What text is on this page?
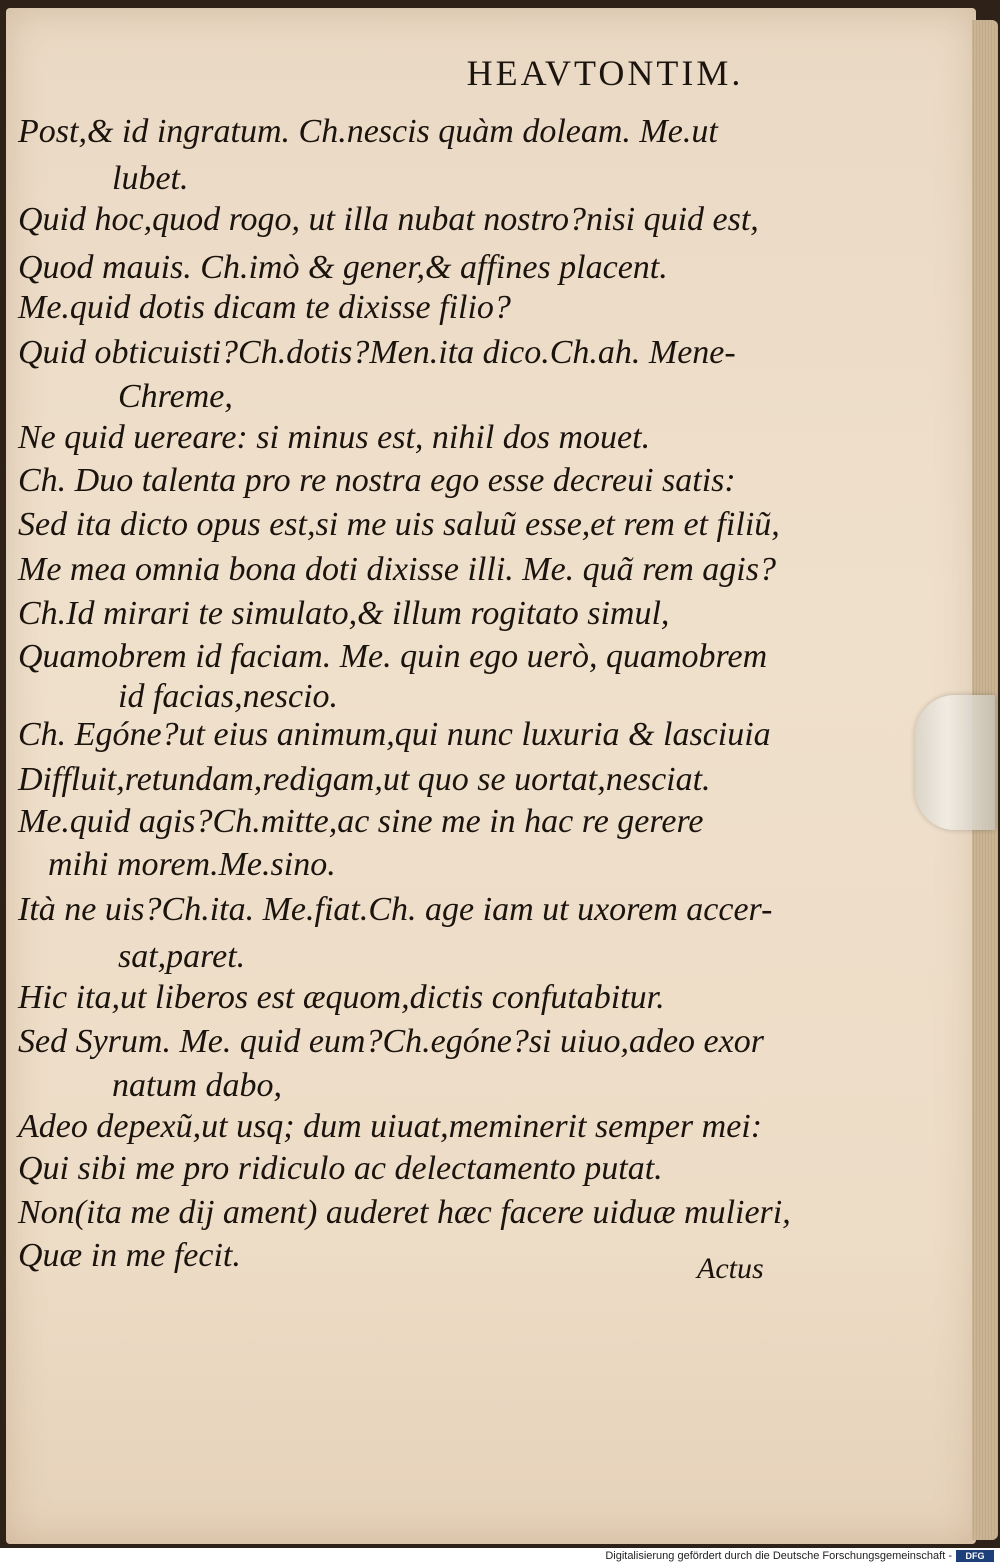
HEAVTONTIM.
Post,& id ingratum. Ch.nescis quàm doleam. Me.ut
lubet.
Quid hoc,quod rogo, ut illa nubat nostro?nisi quid est,
Quod mauis. Ch.imò & gener,& affines placent.
Me.quid dotis dicam te dixisse filio?
Quid obticuisti?Ch.dotis?Men.ita dico.Ch.ah. Mene-
Chreme,
Ne quid uereare: si minus est, nihil dos mouet.
Ch. Duo talenta pro re nostra ego esse decreui satis:
Sed ita dicto opus est,si me uis saluũ esse,et rem et filiũ,
Me mea omnia bona doti dixisse illi. Me. quã rem agis?
Ch.Id mirari te simulato,& illum rogitato simul,
Quamobrem id faciam. Me. quin ego uerò, quamobrem
id facias,nescio.
Ch. Egóne?ut eius animum,qui nunc luxuria & lasciuia
Diffluit,retundam,redigam,ut quo se uortat,nesciat.
Me.quid agis?Ch.mitte,ac sine me in hac re gerere
mihi morem.Me.sino.
Ità ne uis?Ch.ita. Me.fiat.Ch. age iam ut uxorem accer-
sat,paret.
Hic ita,ut liberos est æquom,dictis confutabitur.
Sed Syrum. Me. quid eum?Ch.egóne?si uiuo,adeo exor
natum dabo,
Adeo depexũ,ut usq; dum uiuat,meminerit semper mei:
Qui sibi me pro ridiculo ac delectamento putat.
Non(ita me dij ament) auderet hæc facere uiduæ mulieri,
Quæ in me fecit.	Actus
Digitalisierung gefördert durch die Deutsche Forschungsgemeinschaft -	DFG
